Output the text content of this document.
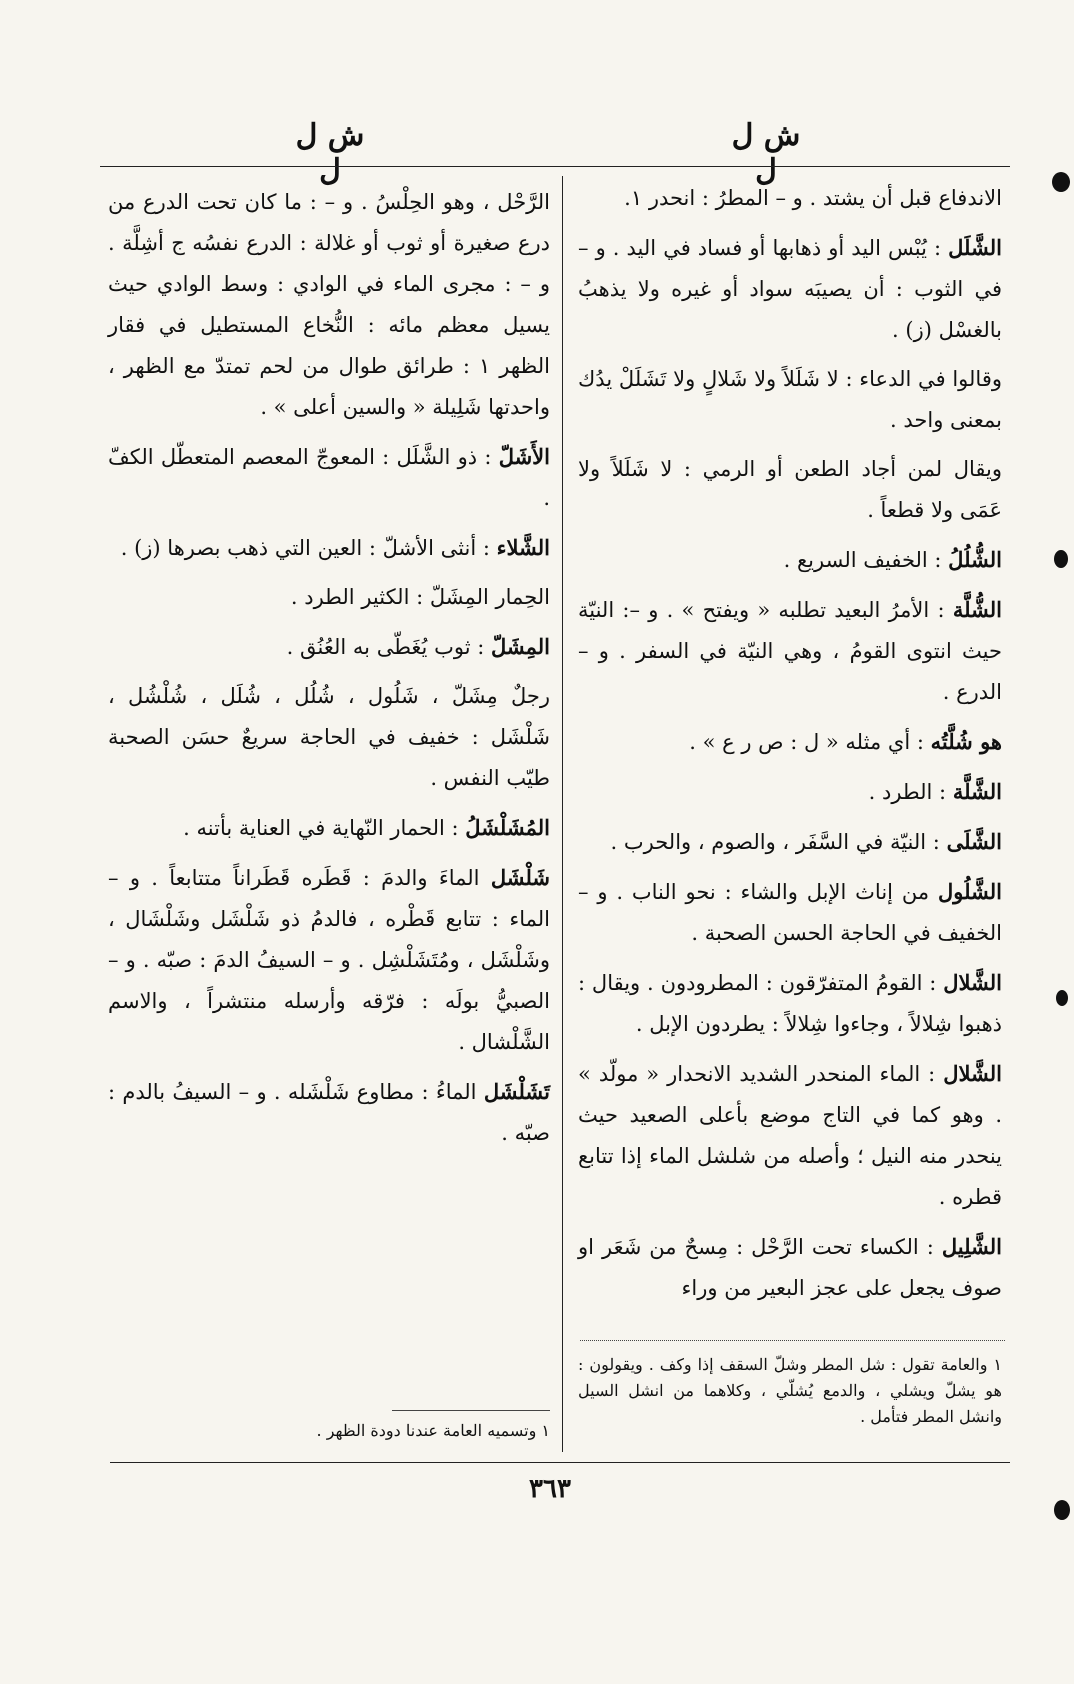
ش ل ل
ش ل ل

الاندفاع قبل أن يشتد . و – المطرُ : انحدر ١.

الشَّلَل : يُبْس اليد أو ذهابها أو فساد في اليد . و – في الثوب : أن يصيبَه سواد أو غيره ولا يذهبُ بالغسْل (ز) .

وقالوا في الدعاء : لا شَلَلاً ولا شَلالٍ ولا تَشَلَلْ يدُك بمعنى واحد .

ويقال لمن أجاد الطعن أو الرمي : لا شَلَلاً ولا عَمَى ولا قطعاً .

الشُّلُلُ : الخفيف السريع .

الشُّلَّة : الأمرُ البعيد تطلبه « ويفتح » . و –: النيّة حيث انتوى القومُ ، وهي النيّة في السفر . و – الدرع .

هو شُلَّتُه : أي مثله « ل : ص ر ع » .

الشَّلَّة : الطرد .

الشَّلَى : النيّة في السَّفَر ، والصوم ، والحرب .

الشَّلُول من إناث الإبل والشاء : نحو الناب . و – الخفيف في الحاجة الحسن الصحبة .

الشَّلال : القومُ المتفرّقون : المطرودون . ويقال : ذهبوا شِلالاً ، وجاءوا شِلالاً : يطردون الإبل .

الشَّلال : الماء المنحدر الشديد الانحدار « مولّد » . وهو كما في التاج موضع بأعلى الصعيد حيث ينحدر منه النيل ؛ وأصله من شلشل الماء إذا تتابع قطره .

الشَّلِيل : الكساء تحت الرَّحْل : مِسحٌ من شَعَر او صوف يجعل على عجز البعير من وراء

الرَّحْل ، وهو الحِلْسُ . و – : ما كان تحت الدرع من درع صغيرة أو ثوب أو غلالة : الدرع نفسُه ج أشِلَّة . و – : مجرى الماء في الوادي : وسط الوادي حيث يسيل معظم مائه : النُّخاع المستطيل في فقار الظهر ١ : طرائق طوال من لحم تمتدّ مع الظهر ، واحدتها شَلِيلة « والسين أعلى » .

الأَشَلّ : ذو الشَّلَل : المعوجّ المعصم المتعطّل الكفّ .

الشَّلاء : أنثى الأشلّ : العين التي ذهب بصرها (ز) .

الحِمار المِشَلّ : الكثير الطرد .

المِشَلّ : ثوب يُغَطّى به العُنُق .

رجلٌ مِشَلّ ، شَلُول ، شُلُل ، شُلَل ، شُلْشُل ، شَلْشَل : خفيف في الحاجة سريعٌ حسَن الصحبة طيّب النفس .

المُشَلْشَلُ : الحمار النّهاية في العناية بأتنه .

شَلْشَل الماءَ والدمَ : قَطَره قَطَراناً متتابعاً . و – الماء : تتابع قَطْره ، فالدمُ ذو شَلْشَل وشَلْشَال ، وشَلْشَل ، ومُتَشَلْشِل . و – السيفُ الدمَ : صبّه . و – الصبيُّ بولَه : فرّقه وأرسله منتشراً ، والاسم الشَّلْشال .

تَشَلْشَل الماءُ : مطاوع شَلْشَله . و – السيفُ بالدم : صبّه .

١ والعامة تقول : شل المطر وشلّ السقف إذا وكف . ويقولون : هو يشلّ ويشلي ، والدمع يُشلّي ، وكلاهما من انشل السيل وانشل المطر فتأمل .
١ وتسميه العامة عندنا دودة الظهر .
٣٦٣
